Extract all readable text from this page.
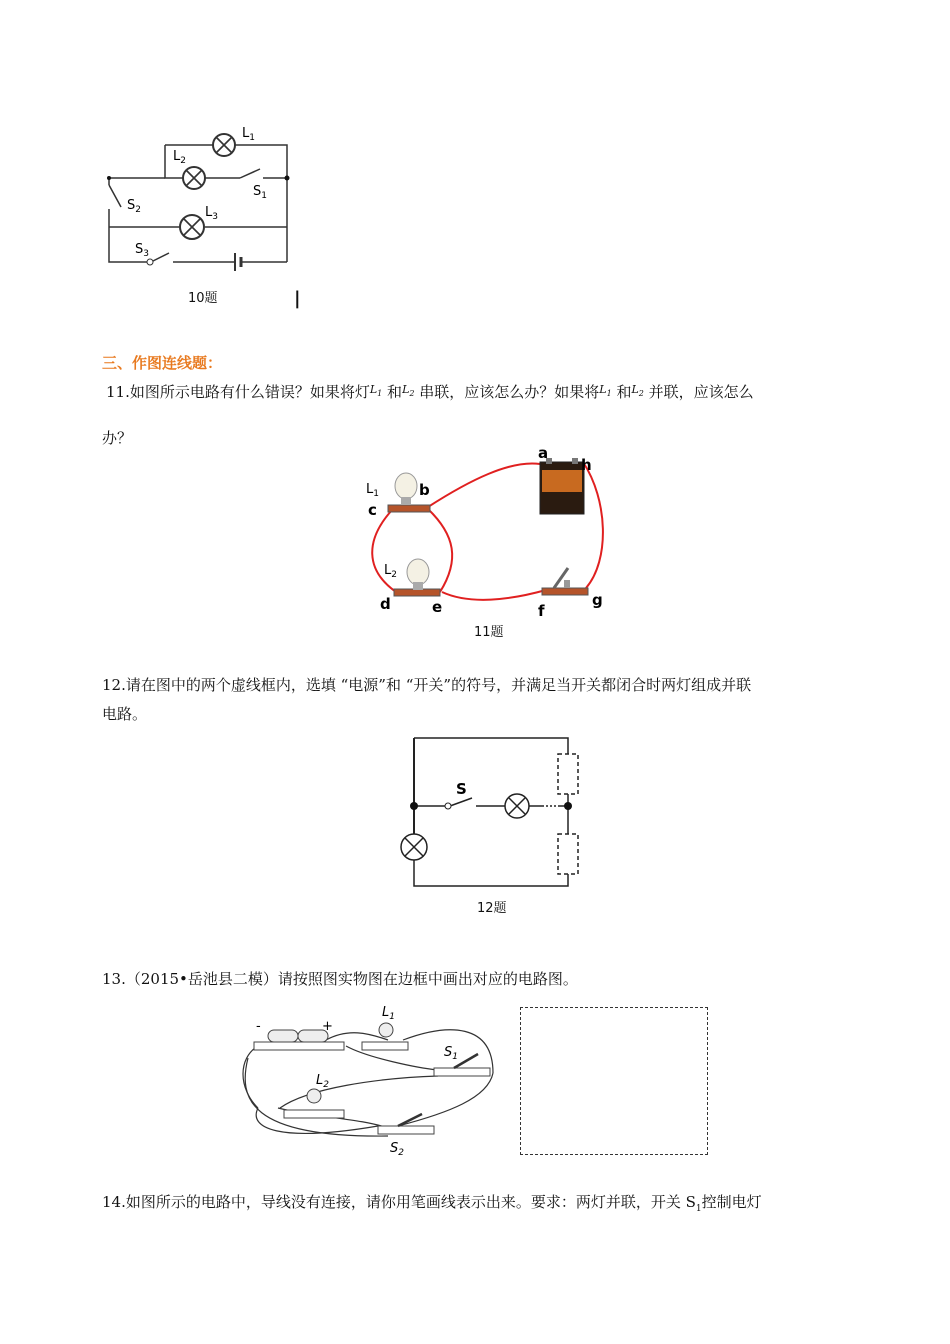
$L_1$
$L_2$
$S_1$
$S_2$	$L_3$
$S_3$
10题	|
三、作图连线题：
11.如图所示电路有什么错误？如果将灯$^{L_1}$ 和$^{L_2}$ 串联，应该怎么办？如果将$^{L_1}$ 和$^{L_2}$ 并联，应该怎么
办？
a
h
b
c
d	e	f
g
$L_1$
$L_2$
11题
12.请在图中的两个虚线框内，选填 “电源”和 “开关”的符号，并满足当开关都闭合时两灯组成并联
电路。
S
12题
13.（2015•岳池县二模）请按照图实物图在边框中画出对应的电路图。
-	+
$L_1$
$L_2$
$S_1$
$S_2$
14.如图所示的电路中，导线没有连接，请你用笔画线表示出来。要求：两灯并联，开关 $S_1$控制电灯
